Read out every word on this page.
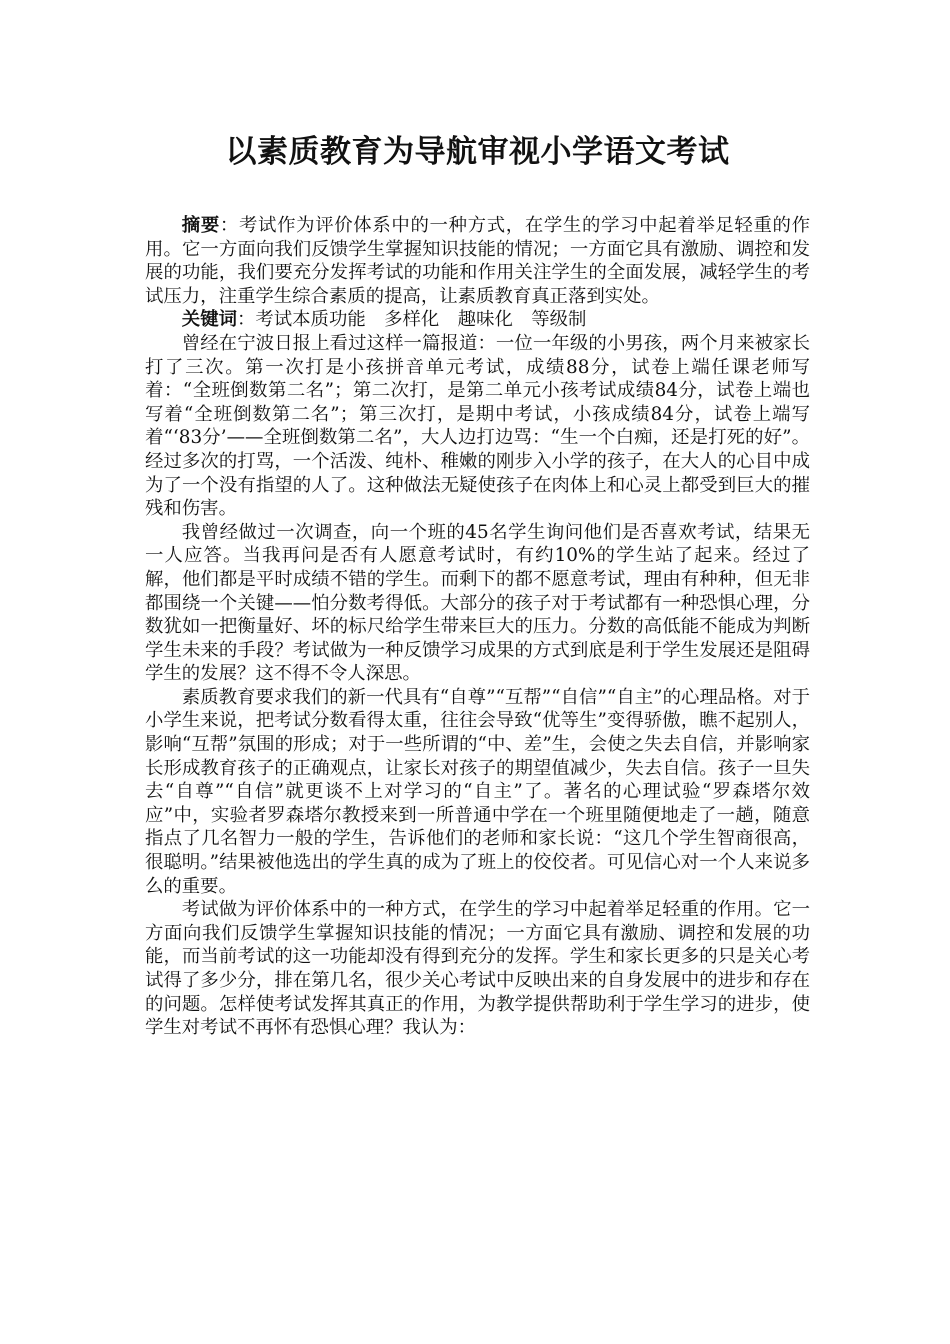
以素质教育为导航审视小学语文考试

摘要：考试作为评价体系中的一种方式，在学生的学习中起着举足轻重的作用。它一方面向我们反馈学生掌握知识技能的情况；一方面它具有激励、调控和发展的功能，我们要充分发挥考试的功能和作用关注学生的全面发展，减轻学生的考试压力，注重学生综合素质的提高，让素质教育真正落到实处。

关键词：考试本质功能　多样化　趣味化　等级制

曾经在宁波日报上看过这样一篇报道：一位一年级的小男孩，两个月来被家长打了三次。第一次打是小孩拼音单元考试，成绩88分，试卷上端任课老师写着：“全班倒数第二名”；第二次打，是第二单元小孩考试成绩84分，试卷上端也写着“全班倒数第二名”；第三次打，是期中考试，小孩成绩84分，试卷上端写着“‘83分’——全班倒数第二名”，大人边打边骂：“生一个白痴，还是打死的好”。经过多次的打骂，一个活泼、纯朴、稚嫩的刚步入小学的孩子，在大人的心目中成为了一个没有指望的人了。这种做法无疑使孩子在肉体上和心灵上都受到巨大的摧残和伤害。

我曾经做过一次调查，向一个班的45名学生询问他们是否喜欢考试，结果无一人应答。当我再问是否有人愿意考试时，有约10%的学生站了起来。经过了解，他们都是平时成绩不错的学生。而剩下的都不愿意考试，理由有种种，但无非都围绕一个关键——怕分数考得低。大部分的孩子对于考试都有一种恐惧心理，分数犹如一把衡量好、坏的标尺给学生带来巨大的压力。分数的高低能不能成为判断学生未来的手段？考试做为一种反馈学习成果的方式到底是利于学生发展还是阻碍学生的发展？这不得不令人深思。

素质教育要求我们的新一代具有“自尊”“互帮”“自信”“自主”的心理品格。对于小学生来说，把考试分数看得太重，往往会导致“优等生”变得骄傲，瞧不起别人，影响“互帮”氛围的形成；对于一些所谓的“中、差”生，会使之失去自信，并影响家长形成教育孩子的正确观点，让家长对孩子的期望值减少，失去自信。孩子一旦失去“自尊”“自信”就更谈不上对学习的“自主”了。著名的心理试验“罗森塔尔效应”中，实验者罗森塔尔教授来到一所普通中学在一个班里随便地走了一趟，随意指点了几名智力一般的学生，告诉他们的老师和家长说：“这几个学生智商很高，很聪明。”结果被他选出的学生真的成为了班上的佼佼者。可见信心对一个人来说多么的重要。

考试做为评价体系中的一种方式，在学生的学习中起着举足轻重的作用。它一方面向我们反馈学生掌握知识技能的情况；一方面它具有激励、调控和发展的功能，而当前考试的这一功能却没有得到充分的发挥。学生和家长更多的只是关心考试得了多少分，排在第几名，很少关心考试中反映出来的自身发展中的进步和存在的问题。怎样使考试发挥其真正的作用，为教学提供帮助利于学生学习的进步，使学生对考试不再怀有恐惧心理？我认为：
